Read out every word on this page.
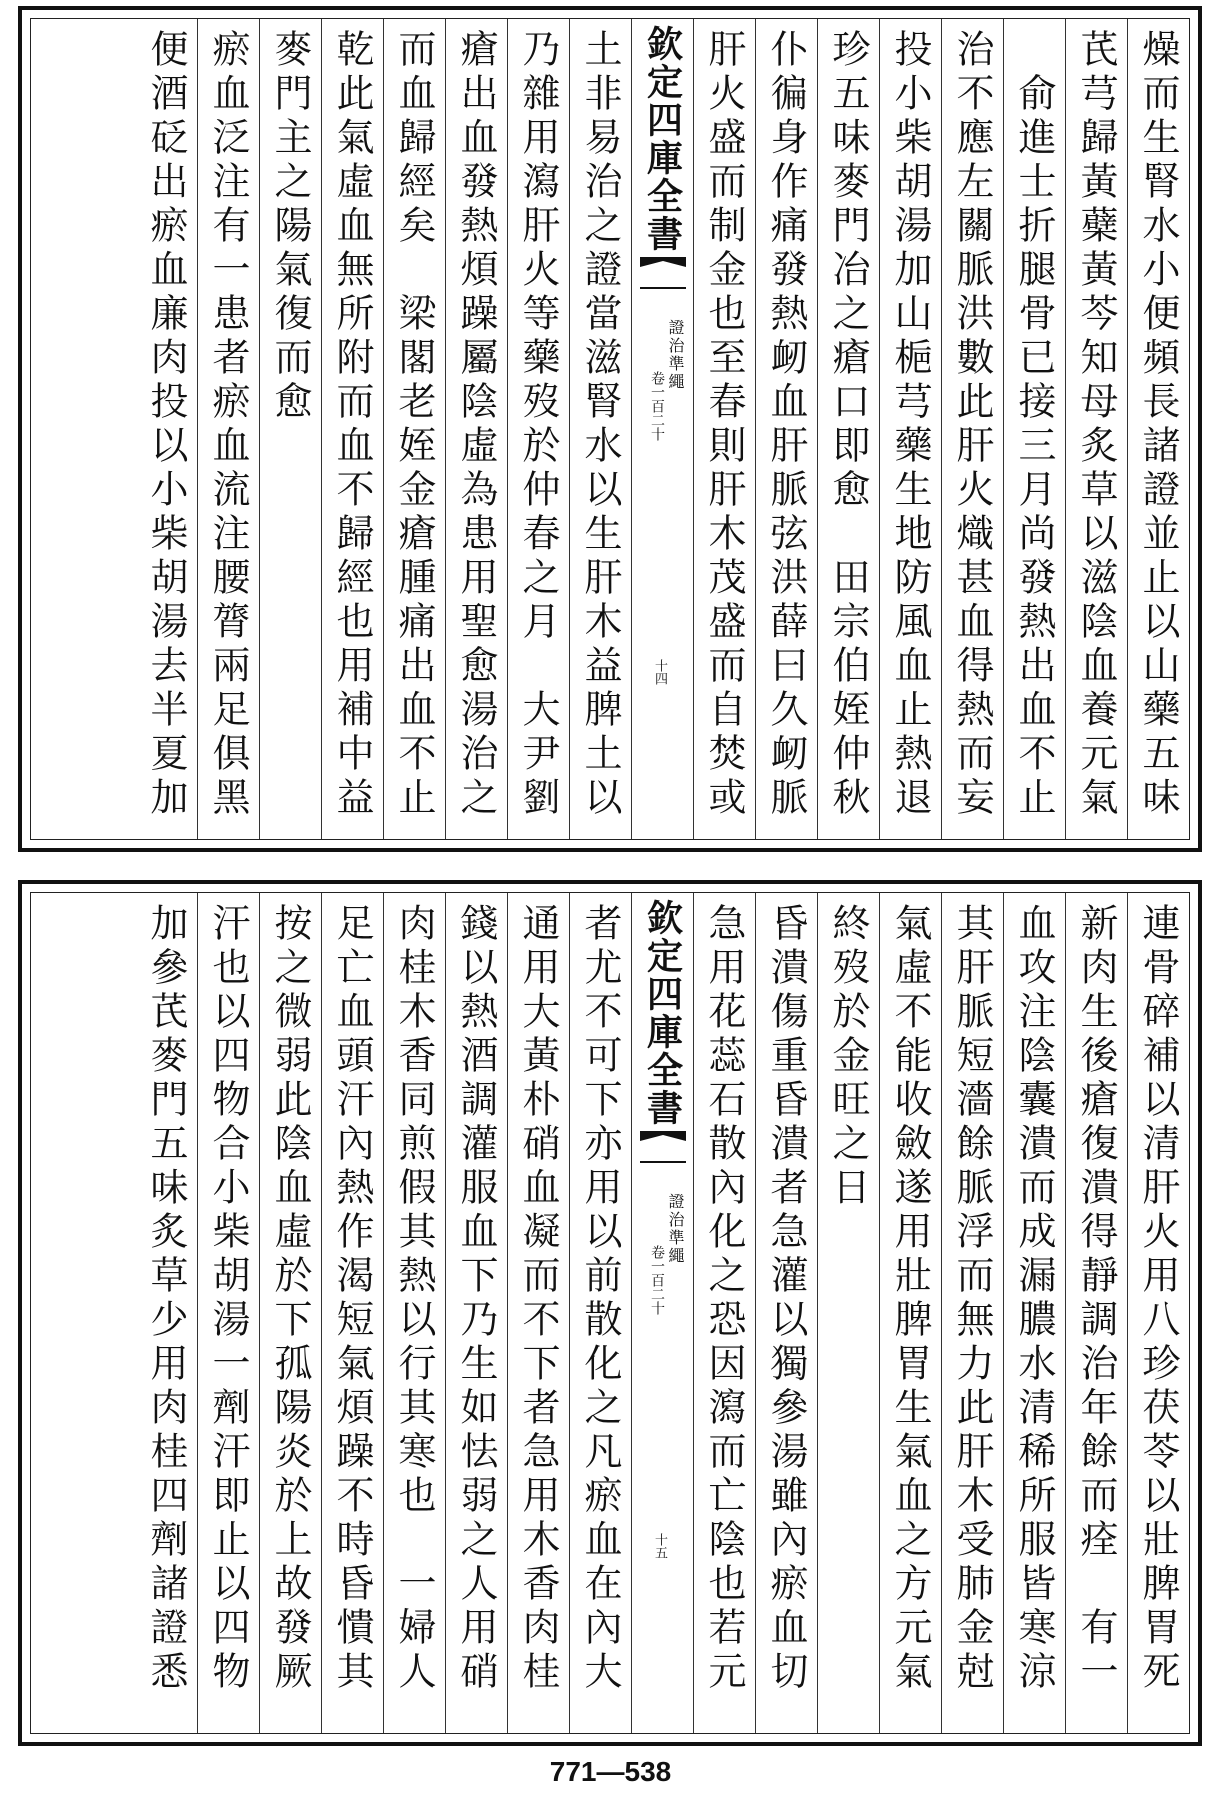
燥而生腎水小便頻長諸證並止以山藥五味
芪芎歸黃蘗黃芩知母炙草以滋陰血養元氣
　俞進士折腿骨已接三月尚發熱出血不止
治不應左關脈洪數此肝火熾甚血得熱而妄
投小柴胡湯加山梔芎藥生地防風血止熱退
珍五味麥門冶之瘡口即愈　田宗伯姪仲秋
仆徧身作痛發熱衂血肝脈弦洪薛曰久衂脈
肝火盛而制金也至春則肝木茂盛而自焚或
欽定四庫全書
證治準繩
卷一百二十
十四
土非易治之證當滋腎水以生肝木益脾土以
乃雜用瀉肝火等藥歿於仲春之月　大尹劉
瘡出血發熱煩躁屬陰虛為患用聖愈湯治之
而血歸經矣　梁閣老姪金瘡腫痛出血不止
乾此氣虛血無所附而血不歸經也用補中益
麥門主之陽氣復而愈
瘀血泛注有一患者瘀血流注腰膂兩足俱黑
便酒砭出瘀血廉肉投以小柴胡湯去半夏加
連骨碎補以清肝火用八珍茯苓以壯脾胃死
新肉生後瘡復潰得靜調治年餘而痊　有一
血攻注陰囊潰而成漏膿水清稀所服皆寒涼
其肝脈短濇餘脈浮而無力此肝木受肺金尅
氣虛不能收斂遂用壯脾胃生氣血之方元氣
終歿於金旺之日
昏潰傷重昏潰者急灌以獨參湯雖內瘀血切
急用花蕊石散內化之恐因瀉而亡陰也若元
欽定四庫全書
證治準繩
卷一百二十
十五
者尤不可下亦用以前散化之凡瘀血在內大
通用大黃朴硝血凝而不下者急用木香肉桂
錢以熱酒調灌服血下乃生如怯弱之人用硝
肉桂木香同煎假其熱以行其寒也　一婦人
足亡血頭汗內熱作渴短氣煩躁不時昏憒其
按之微弱此陰血虛於下孤陽炎於上故發厥
汗也以四物合小柴胡湯一劑汗即止以四物
加參芪麥門五味炙草少用肉桂四劑諸證悉
771—538
